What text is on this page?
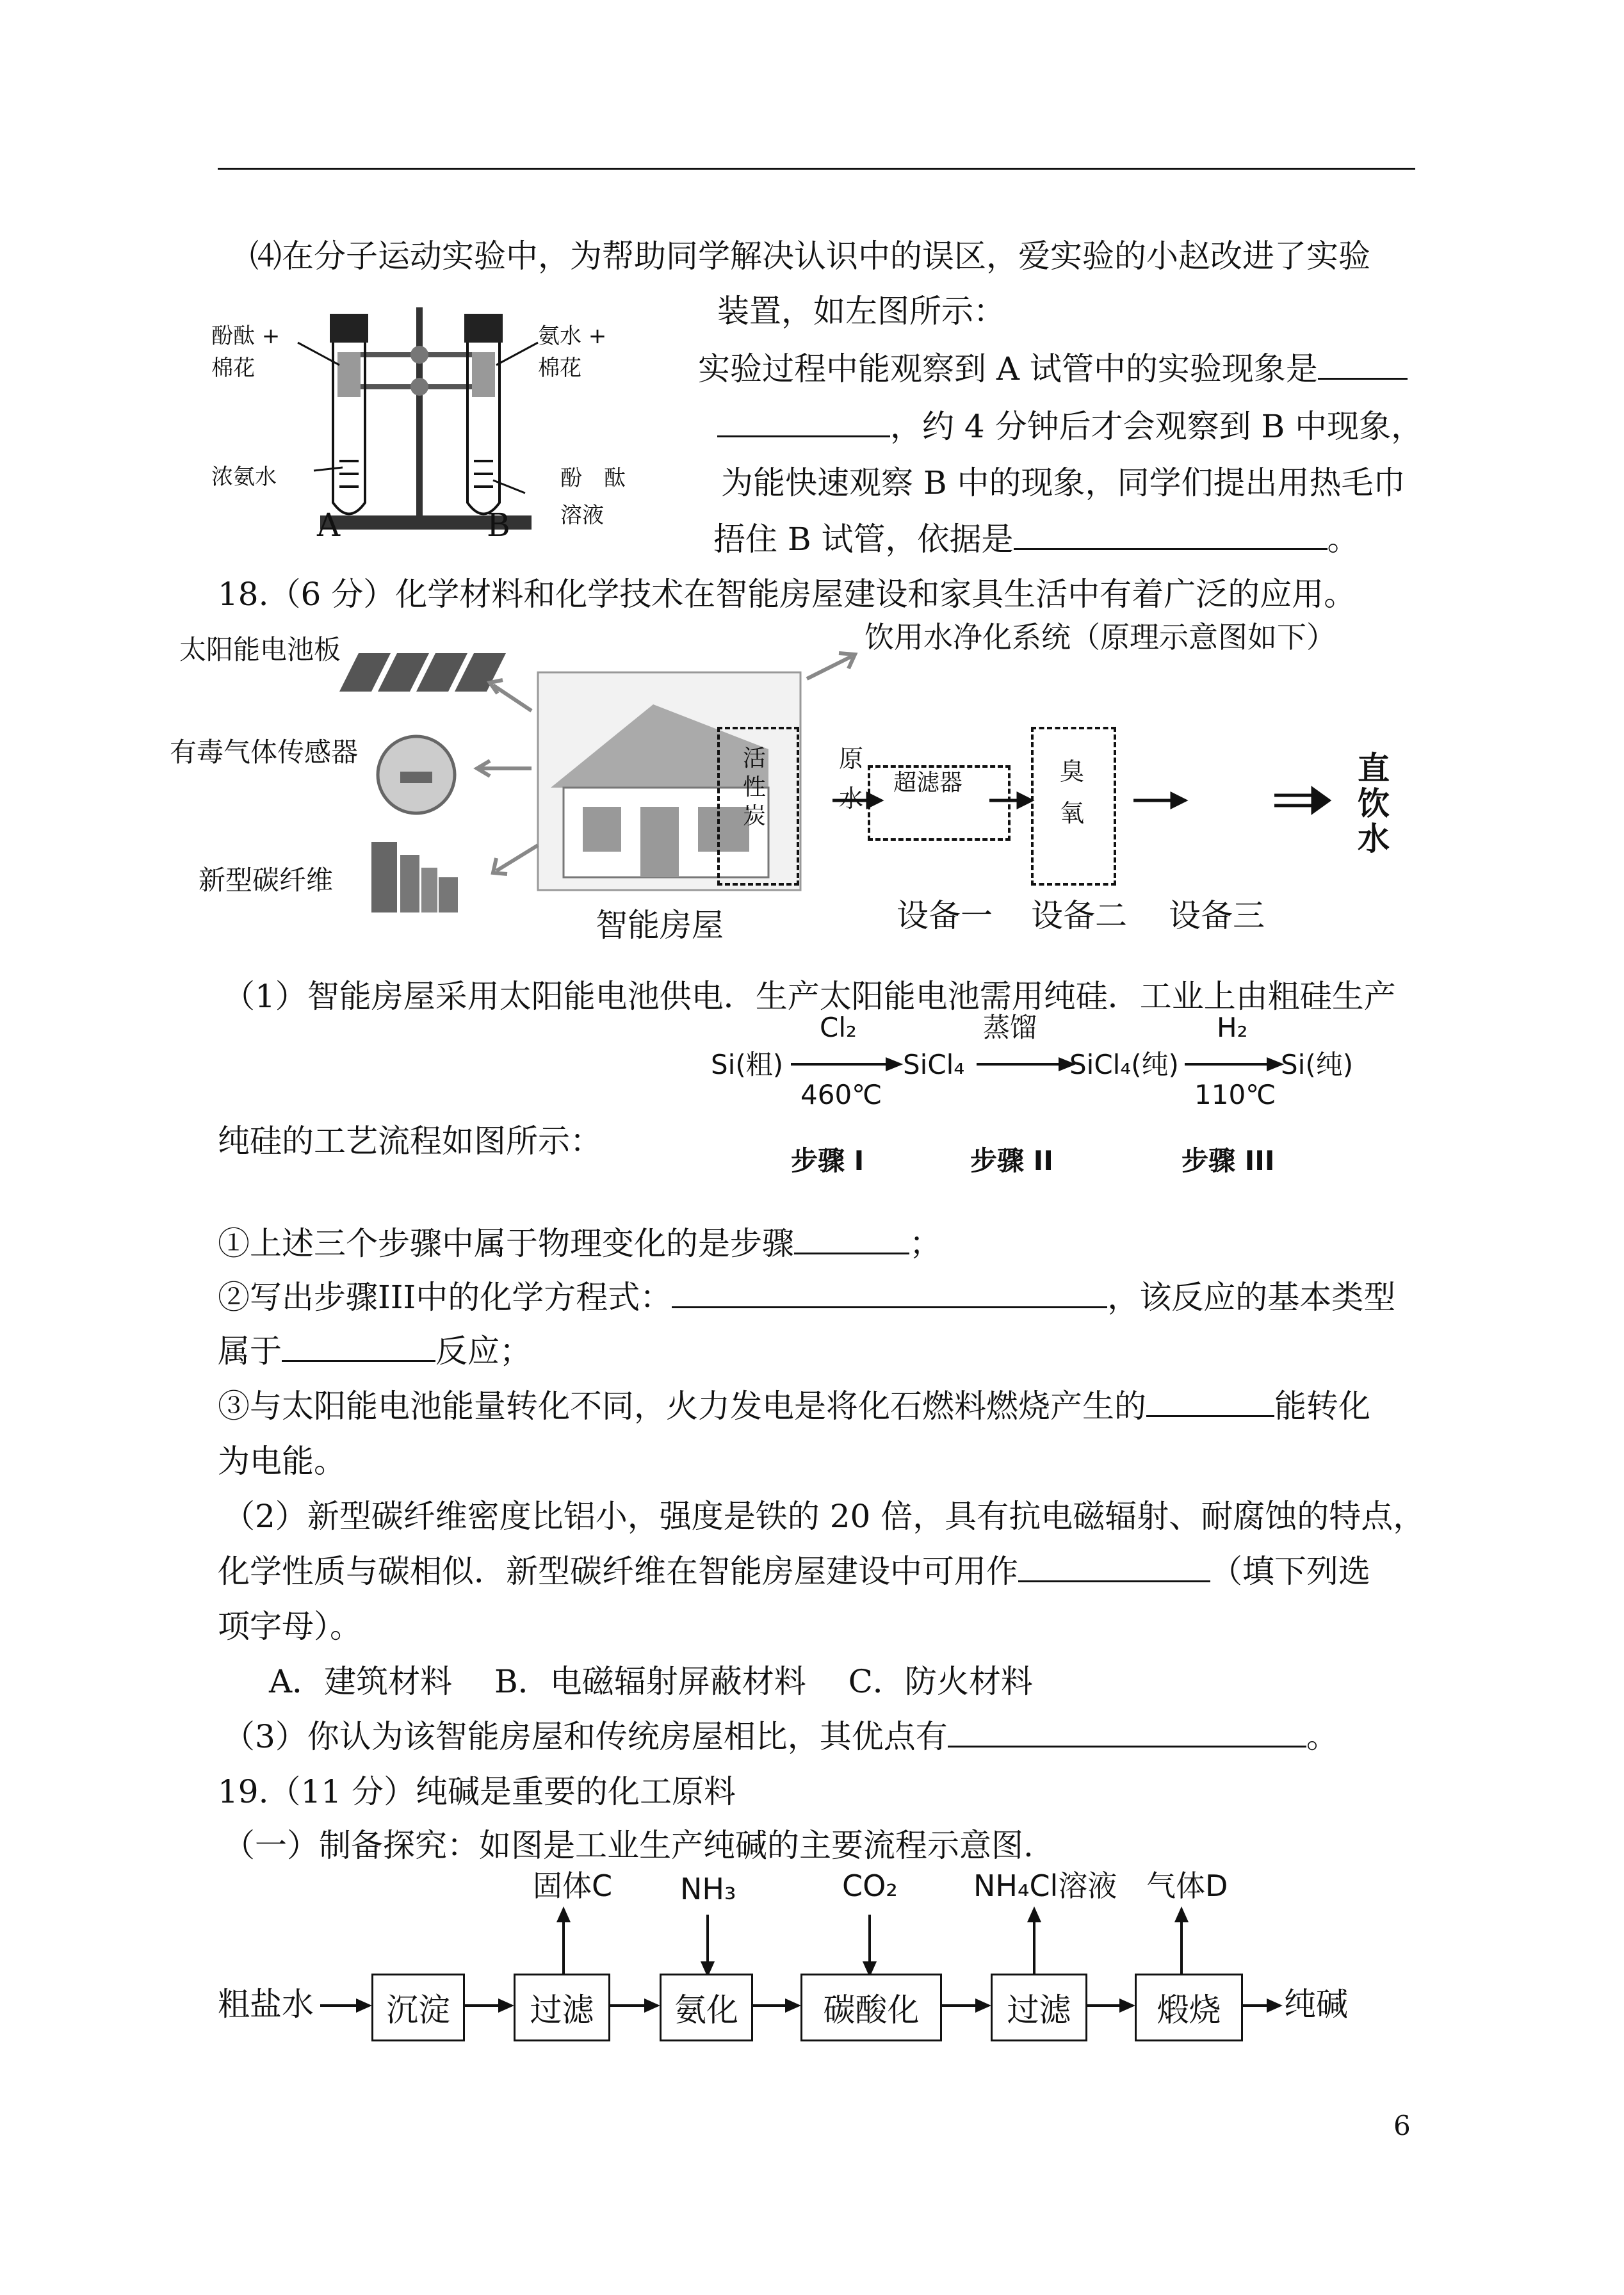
⑷在分子运动实验中，为帮助同学解决认识中的误区，爱实验的小赵改进了实验
装置，如左图所示：
实验过程中能观察到 A 试管中的实验现象是
，约 4 分钟后才会观察到 B 中现象，
为能快速观察 B 中的现象，同学们提出用热毛巾
捂住 B 试管，依据是	。
酚酞 +
棉花
浓氨水
氨水 +
棉花
酚　酞
溶液
A	B
18.（6 分）化学材料和化学技术在智能房屋建设和家具生活中有着广泛的应用。
太阳能电池板
有毒气体传感器
新型碳纤维
智能房屋
饮用水净化系统（原理示意图如下）
原
水
活
性
炭
超滤器	臭
氧
直
饮
水
设备一 设备二 设备三
（1）智能房屋采用太阳能电池供电．生产太阳能电池需用纯硅．工业上由粗硅生产
Cl₂	蒸馏	H₂
Si(粗)	SiCl₄	SiCl₄(纯)	Si(纯)
460℃	110℃
步骤 I	步骤 II	步骤 III
纯硅的工艺流程如图所示：
①上述三个步骤中属于物理变化的是步骤	；
②写出步骤III中的化学方程式：	，该反应的基本类型
属于	反应；
③与太阳能电池能量转化不同，火力发电是将化石燃料燃烧产生的	能转化
为电能。
（2）新型碳纤维密度比铝小，强度是铁的 20 倍，具有抗电磁辐射、耐腐蚀的特点，
化学性质与碳相似．新型碳纤维在智能房屋建设中可用作	（填下列选
项字母）。
A．建筑材料　 B．电磁辐射屏蔽材料　 C．防火材料
（3）你认为该智能房屋和传统房屋相比，其优点有	。
19.（11 分）纯碱是重要的化工原料
（一）制备探究：如图是工业生产纯碱的主要流程示意图.
粗盐水	沉淀	过滤	氨化	碳酸化	过滤	煅烧	纯碱
固体C NH₃	CO₂	NH₄Cl溶液 气体D
6
